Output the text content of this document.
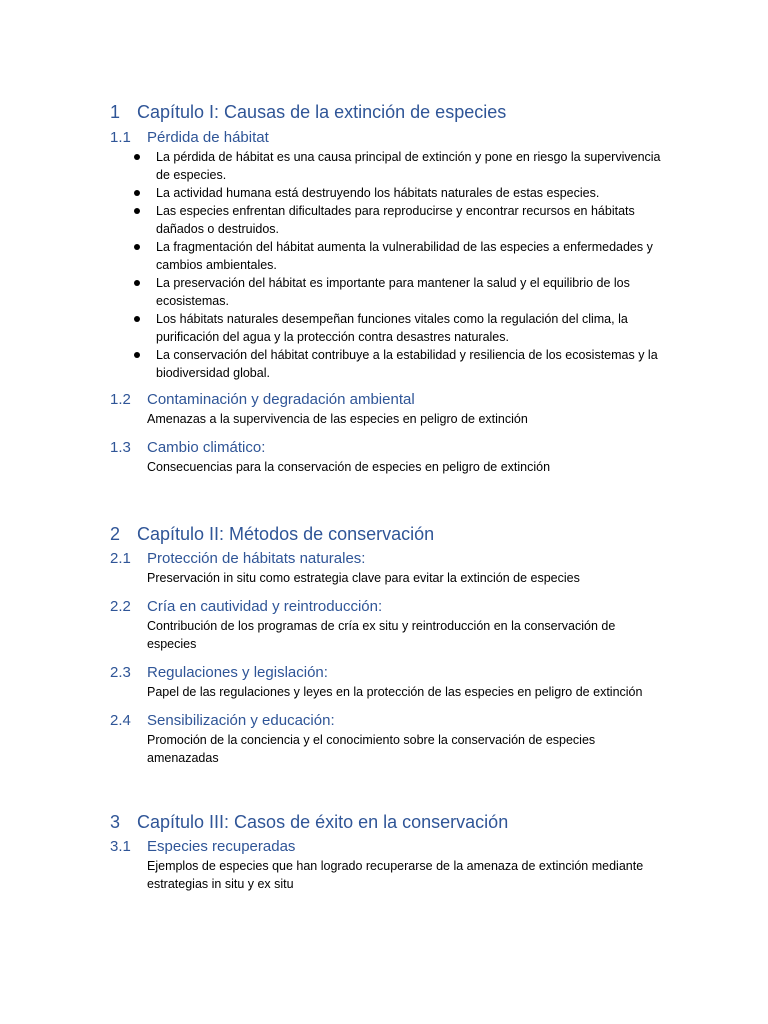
1 Capítulo I: Causas de la extinción de especies
1.1 Pérdida de hábitat
La pérdida de hábitat es una causa principal de extinción y pone en riesgo la supervivencia de especies.
La actividad humana está destruyendo los hábitats naturales de estas especies.
Las especies enfrentan dificultades para reproducirse y encontrar recursos en hábitats dañados o destruidos.
La fragmentación del hábitat aumenta la vulnerabilidad de las especies a enfermedades y cambios ambientales.
La preservación del hábitat es importante para mantener la salud y el equilibrio de los ecosistemas.
Los hábitats naturales desempeñan funciones vitales como la regulación del clima, la purificación del agua y la protección contra desastres naturales.
La conservación del hábitat contribuye a la estabilidad y resiliencia de los ecosistemas y la biodiversidad global.
1.2 Contaminación y degradación ambiental
Amenazas a la supervivencia de las especies en peligro de extinción
1.3 Cambio climático:
Consecuencias para la conservación de especies en peligro de extinción
2 Capítulo II: Métodos de conservación
2.1 Protección de hábitats naturales:
Preservación in situ como estrategia clave para evitar la extinción de especies
2.2 Cría en cautividad y reintroducción:
Contribución de los programas de cría ex situ y reintroducción en la conservación de especies
2.3 Regulaciones y legislación:
Papel de las regulaciones y leyes en la protección de las especies en peligro de extinción
2.4 Sensibilización y educación:
Promoción de la conciencia y el conocimiento sobre la conservación de especies amenazadas
3 Capítulo III: Casos de éxito en la conservación
3.1 Especies recuperadas
Ejemplos de especies que han logrado recuperarse de la amenaza de extinción mediante estrategias in situ y ex situ
